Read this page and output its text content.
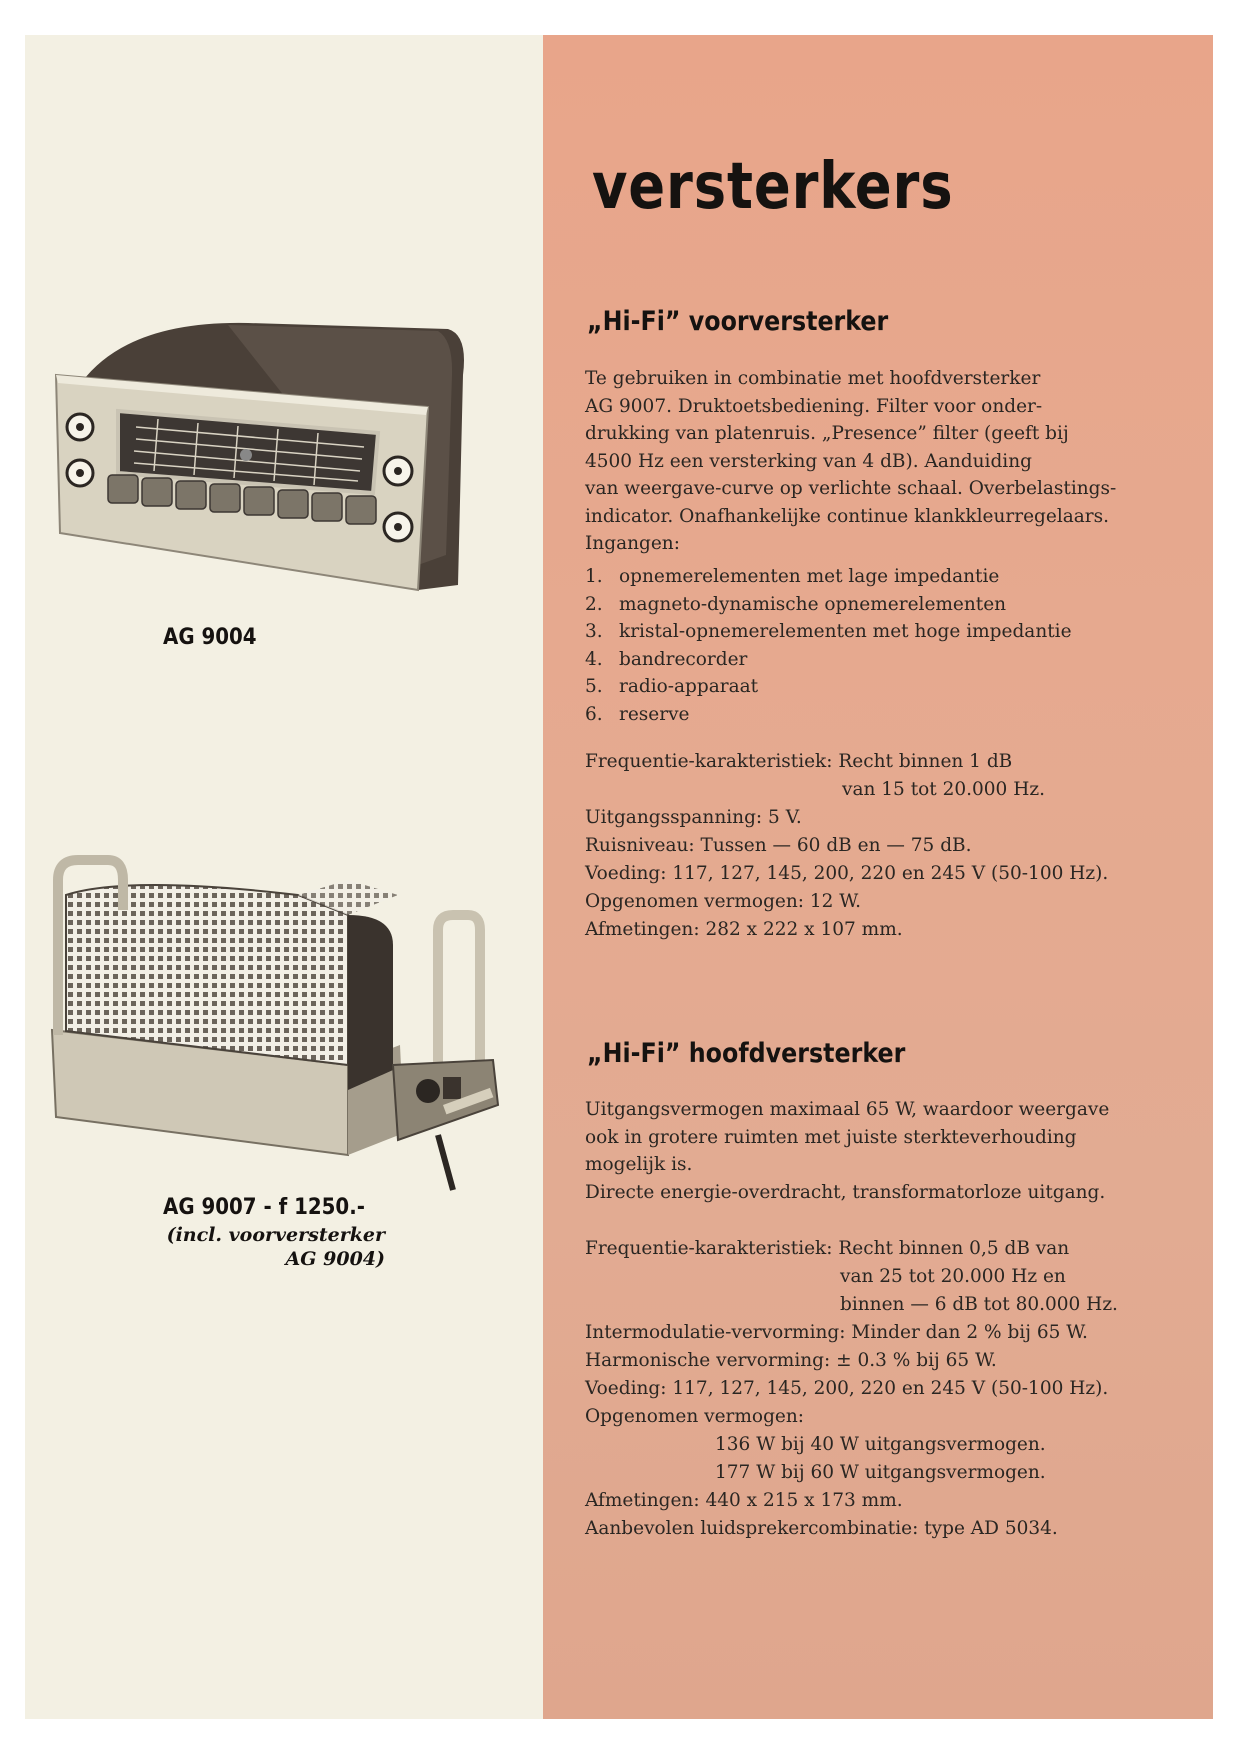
AG 9004

AG 9007 - f 1250.-

(incl. voorversterker
AG 9004)

versterkers
„Hi-Fi” voorversterker
Te gebruiken in combinatie met hoofdversterker
AG 9007. Druktoetsbediening. Filter voor onder-
drukking van platenruis. „Presence” filter (geeft bij
4500 Hz een versterking van 4 dB). Aanduiding
van weergave-curve op verlichte schaal. Overbelastings-
indicator. Onafhankelijke continue klankkleurregelaars.
Ingangen:
1. opnemerelementen met lage impedantie
2. magneto-dynamische opnemerelementen
3. kristal-opnemerelementen met hoge impedantie
4. bandrecorder
5. radio-apparaat
6. reserve
Frequentie-karakteristiek: Recht binnen 1 dB
van 15 tot 20.000 Hz.
Uitgangsspanning: 5 V.
Ruisniveau: Tussen — 60 dB en — 75 dB.
Voeding: 117, 127, 145, 200, 220 en 245 V (50-100 Hz).
Opgenomen vermogen: 12 W.
Afmetingen: 282 x 222 x 107 mm.
„Hi-Fi” hoofdversterker
Uitgangsvermogen maximaal 65 W, waardoor weergave
ook in grotere ruimten met juiste sterkteverhouding
mogelijk is.
Directe energie-overdracht, transformatorloze uitgang.
Frequentie-karakteristiek: Recht binnen 0,5 dB van
van 25 tot 20.000 Hz en
binnen — 6 dB tot 80.000 Hz.
Intermodulatie-vervorming: Minder dan 2 % bij 65 W.
Harmonische vervorming: ± 0.3 % bij 65 W.
Voeding: 117, 127, 145, 200, 220 en 245 V (50-100 Hz).
Opgenomen vermogen:
136 W bij 40 W uitgangsvermogen.
177 W bij 60 W uitgangsvermogen.
Afmetingen: 440 x 215 x 173 mm.
Aanbevolen luidsprekercombinatie: type AD 5034.
